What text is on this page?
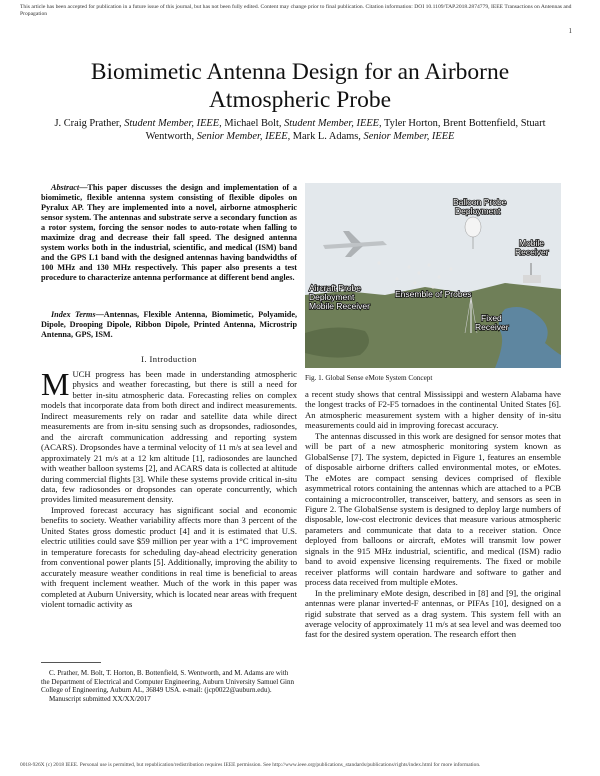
This article has been accepted for publication in a future issue of this journal, but has not been fully edited. Content may change prior to final publication. Citation information: DOI 10.1109/TAP.2018.2874779, IEEE Transactions on Antennas and Propagation
1
Biomimetic Antenna Design for an Airborne Atmospheric Probe
J. Craig Prather, Student Member, IEEE, Michael Bolt, Student Member, IEEE, Tyler Horton, Brent Bottenfield, Stuart Wentworth, Senior Member, IEEE, Mark L. Adams, Senior Member, IEEE
Abstract—This paper discusses the design and implementation of a biomimetic, flexible antenna system consisting of flexible dipoles on Pyralux AP. They are implemented into a novel, airborne atmospheric sensor system. The antennas and substrate serve a secondary function as a rotor system, forcing the sensor nodes to auto-rotate when falling to maximize drag and decrease their fall speed. The designed antenna system works both in the industrial, scientific, and medical (ISM) band and the GPS L1 band with the designed antennas having bandwidths of 100 MHz and 130 MHz respectively. This paper also presents a test procedure to characterize antenna performance at different bend angles.
Index Terms—Antennas, Flexible Antenna, Biomimetic, Polyamide, Dipole, Drooping Dipole, Ribbon Dipole, Printed Antenna, Microstrip Antenna, GPS, ISM.
I. Introduction

MUCH progress has been made in understanding atmospheric physics and weather forecasting, but there is still a need for better in-situ atmospheric data. Forecasting relies on complex models that incorporate data from both direct and indirect measurements. Indirect measurements rely on radar and satellite data while direct measurements are from in-situ sensing such as dropsondes, radiosondes, and the aircraft communication addressing and reporting system (ACARS). Dropsondes have a terminal velocity of 11 m/s at sea level and approximately 21 m/s at a 12 km altitude [1], radiosondes are launched with weather balloon systems [2], and ACARS data is collected at altitude during commercial flights [3]. While these systems provide critical in-situ data, few radiosondes or dropsondes can operate concurrently, which provides limited measurement density.

Improved forecast accuracy has significant social and economic benefits to society. Weather variability affects more than 3 percent of the United States gross domestic product [4] and it is estimated that U.S. electric utilities could save $59 million per year with a 1°C improvement in temperature forecasts for scheduling day-ahead electricity generation from conventional power plants [5]. Additionally, improving the ability to accurately measure weather conditions in real time is beneficial to areas with frequent inclement weather. Much of the work in this paper was completed at Auburn University, which is located near areas with frequent violent tornadic activity as

C. Prather, M. Bolt, T. Horton, B. Bottenfield, S. Wentworth, and M. Adams are with the Department of Electrical and Computer Engineering, Auburn University Samuel Ginn College of Engineering, Auburn AL, 36849 USA. e-mail: (jcp0022@auburn.edu).

Manuscript submitted XX/XX/2017

Balloon Probe Deployment
Mobile Receiver
Aircraft Probe Deployment Mobile Receiver
Ensemble of Probes
Fixed Receiver
Fig. 1. Global Sense eMote System Concept

a recent study shows that central Mississippi and western Alabama have the longest tracks of F2-F5 tornadoes in the continental United States [6]. An atmospheric measurement system with a higher density of in-situ measurements could aid in improving forecast accuracy.

The antennas discussed in this work are designed for sensor motes that will be part of a new atmospheric monitoring system known as GlobalSense [7]. The system, depicted in Figure 1, features an ensemble of disposable airborne drifters called environmental motes, or eMotes. The eMotes are compact sensing devices comprised of flexible asymmetrical rotors containing the antennas which are attached to a PCB containing a microcontroller, transceiver, battery, and sensors as seen in Figure 2. The GlobalSense system is designed to deploy large numbers of disposable, low-cost electronic devices that measure various atmospheric parameters and communicate that data to a receiver station. Once deployed from balloons or aircraft, eMotes will transmit low power signals in the 915 MHz industrial, scientific, and medical (ISM) radio band to avoid expensive licensing requirements. The fixed or mobile receiver platforms will contain hardware and software to gather and process data received from multiple eMotes.

In the preliminary eMote design, described in [8] and [9], the original antennas were planar inverted-F antennas, or PIFAs [10], designed on a rigid substrate that served as a drag system. This system fell with an average velocity of approximately 11 m/s at sea level and was deemed too fast for the desired system operation. The research effort then

0018-926X (c) 2018 IEEE. Personal use is permitted, but republication/redistribution requires IEEE permission. See http://www.ieee.org/publications_standards/publications/rights/index.html for more information.
